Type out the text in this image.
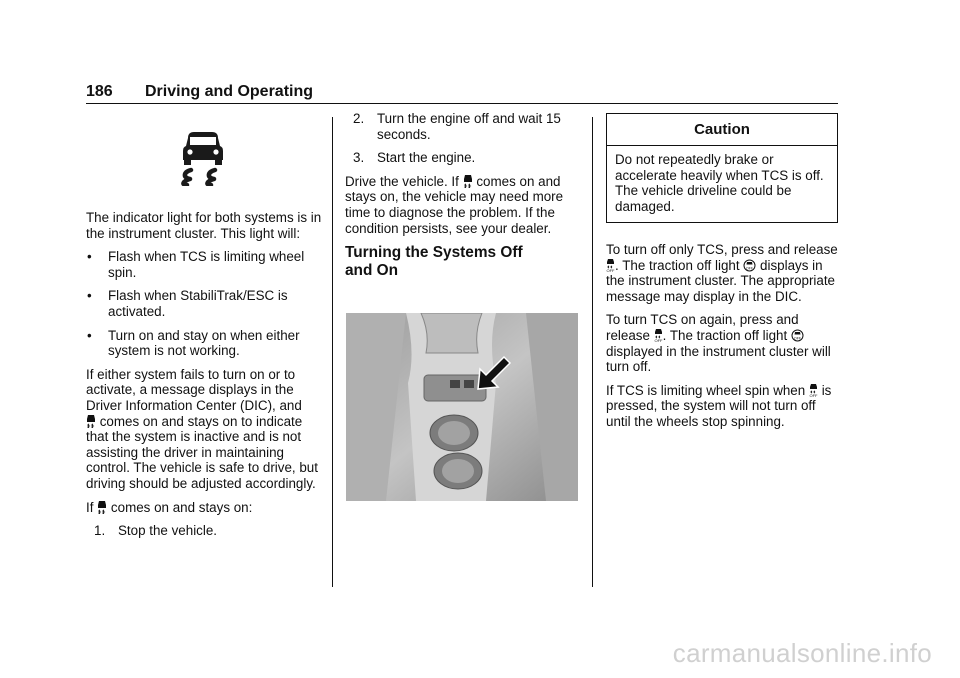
186 Driving and Operating

The indicator light for both systems is in the instrument cluster. This light will:

• Flash when TCS is limiting wheel spin.
• Flash when StabiliTrak/ESC is activated.
• Turn on and stay on when either system is not working.

If either system fails to turn on or to activate, a message displays in the Driver Information Center (DIC), and
comes on and stays on to indicate that the system is inactive and is not assisting the driver in maintaining control. The vehicle is safe to drive, but driving should be adjusted accordingly.

If comes on and stays on:

1. Stop the vehicle.
2. Turn the engine off and wait 15 seconds.
3. Start the engine.

Drive the vehicle. If comes on and stays on, the vehicle may need more time to diagnose the problem. If the condition persists, see your dealer.

Turning the Systems Off and On
Caution
Do not repeatedly brake or accelerate heavily when TCS is off. The vehicle driveline could be damaged.

To turn off only TCS, press and release
OFF . The traction off light OFF displays in the instrument cluster. The appropriate message may display in the DIC.

To turn TCS on again, press and release OFF . The traction off light OFF
displayed in the instrument cluster will turn off.

If TCS is limiting wheel spin when OFF is pressed, the system will not turn off until the wheels stop spinning.

carmanualsonline.info
